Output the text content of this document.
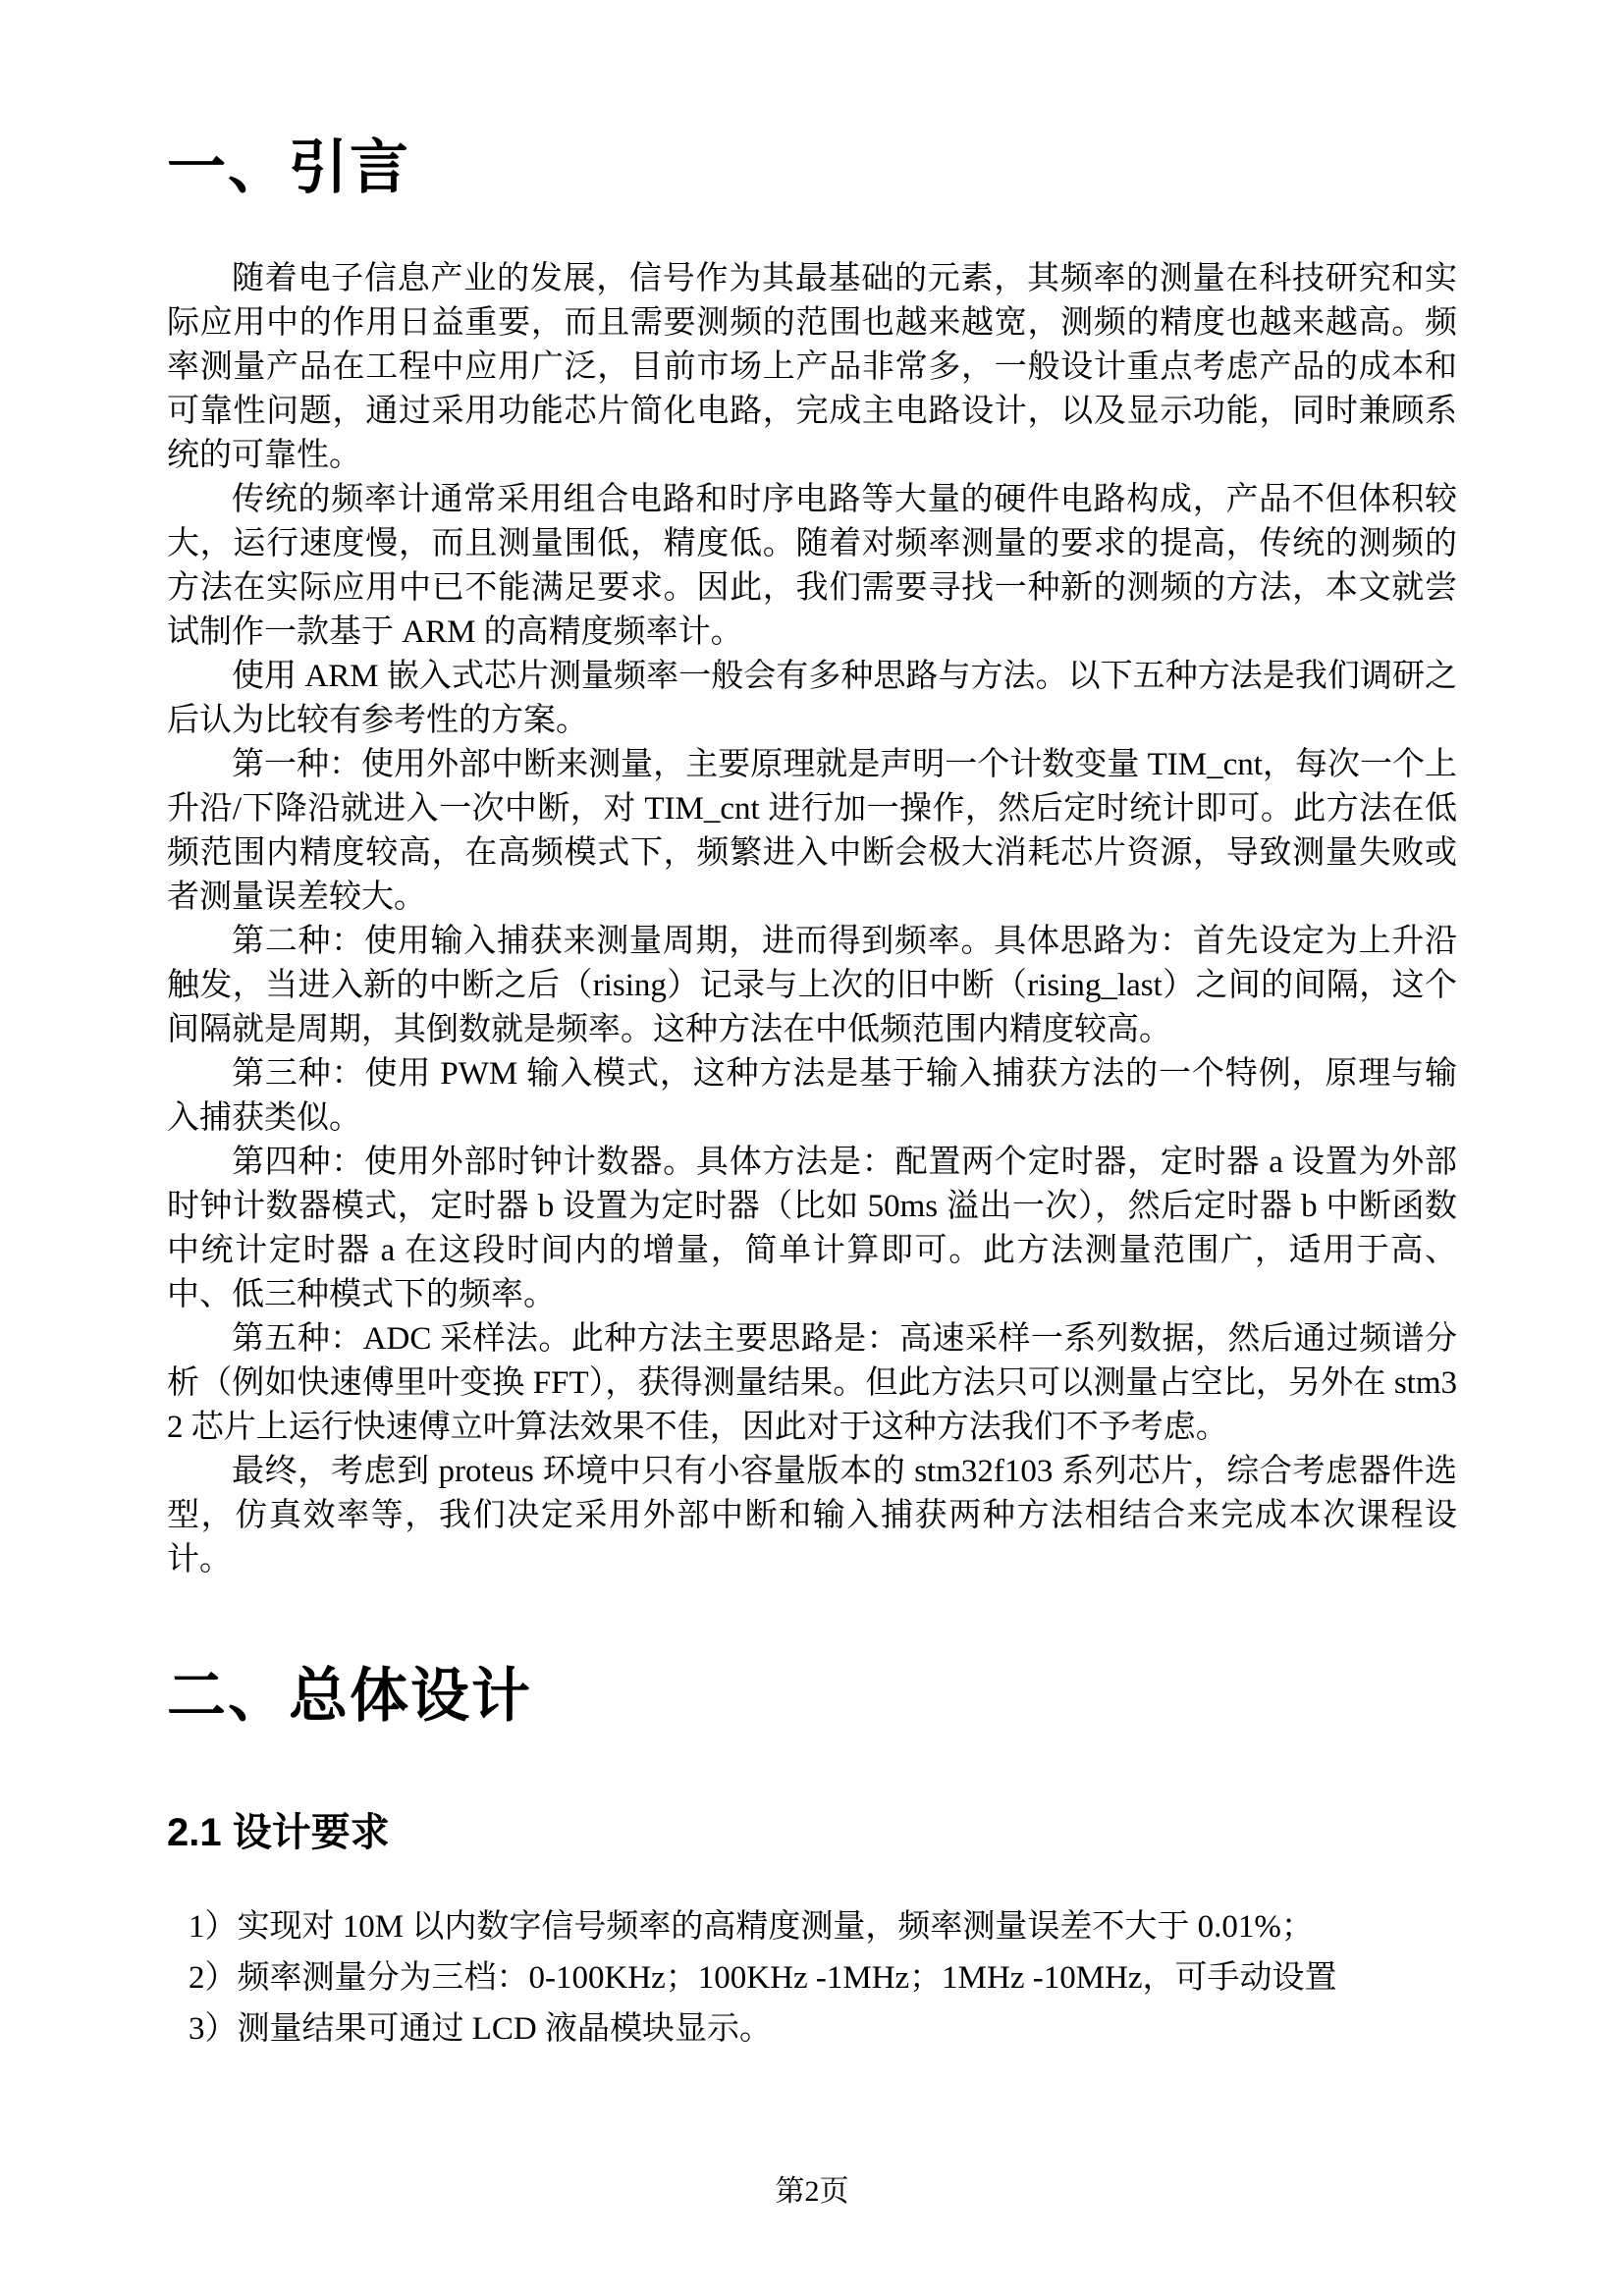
一、引言

随着电子信息产业的发展，信号作为其最基础的元素，其频率的测量在科技研究和实际应用中的作用日益重要，而且需要测频的范围也越来越宽，测频的精度也越来越高。频率测量产品在工程中应用广泛，目前市场上产品非常多，一般设计重点考虑产品的成本和可靠性问题，通过采用功能芯片简化电路，完成主电路设计，以及显示功能，同时兼顾系统的可靠性。

传统的频率计通常采用组合电路和时序电路等大量的硬件电路构成，产品不但体积较大，运行速度慢，而且测量围低，精度低。随着对频率测量的要求的提高，传统的测频的方法在实际应用中已不能满足要求。因此，我们需要寻找一种新的测频的方法，本文就尝试制作一款基于 ARM 的高精度频率计。

使用 ARM 嵌入式芯片测量频率一般会有多种思路与方法。以下五种方法是我们调研之后认为比较有参考性的方案。

第一种：使用外部中断来测量，主要原理就是声明一个计数变量 TIM_cnt，每次一个上升沿/下降沿就进入一次中断，对 TIM_cnt 进行加一操作，然后定时统计即可。此方法在低频范围内精度较高，在高频模式下，频繁进入中断会极大消耗芯片资源，导致测量失败或者测量误差较大。

第二种：使用输入捕获来测量周期，进而得到频率。具体思路为：首先设定为上升沿触发，当进入新的中断之后（rising）记录与上次的旧中断（rising_last）之间的间隔，这个间隔就是周期，其倒数就是频率。这种方法在中低频范围内精度较高。

第三种：使用 PWM 输入模式，这种方法是基于输入捕获方法的一个特例，原理与输入捕获类似。

第四种：使用外部时钟计数器。具体方法是：配置两个定时器，定时器 a 设置为外部时钟计数器模式，定时器 b 设置为定时器（比如 50ms 溢出一次），然后定时器 b 中断函数中统计定时器 a 在这段时间内的增量，简单计算即可。此方法测量范围广，适用于高、中、低三种模式下的频率。

第五种：ADC 采样法。此种方法主要思路是：高速采样一系列数据，然后通过频谱分析（例如快速傅里叶变换 FFT），获得测量结果。但此方法只可以测量占空比，另外在 stm32 芯片上运行快速傅立叶算法效果不佳，因此对于这种方法我们不予考虑。

最终，考虑到 proteus 环境中只有小容量版本的 stm32f103 系列芯片，综合考虑器件选型，仿真效率等，我们决定采用外部中断和输入捕获两种方法相结合来完成本次课程设计。

二、总体设计
2.1 设计要求

1）实现对 10M 以内数字信号频率的高精度测量，频率测量误差不大于 0.01%；

2）频率测量分为三档：0-100KHz；100KHz -1MHz；1MHz -10MHz，可手动设置

3）测量结果可通过 LCD 液晶模块显示。

第2页
